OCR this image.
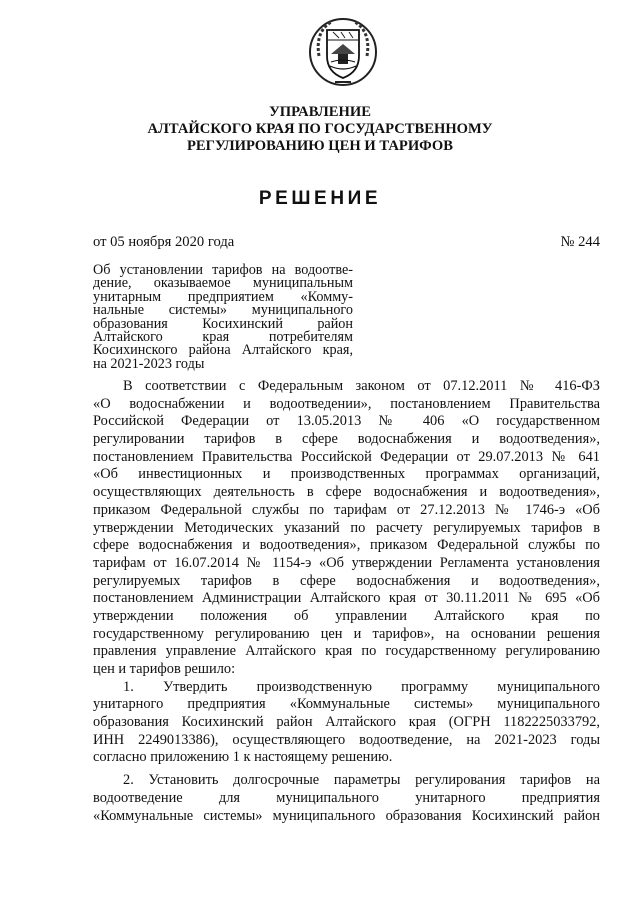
УПРАВЛЕНИЕ
АЛТАЙСКОГО КРАЯ ПО ГОСУДАРСТВЕННОМУ
РЕГУЛИРОВАНИЮ ЦЕН И ТАРИФОВ
РЕШЕНИЕ
от 05 ноября 2020 года	№ 244
Об установлении тарифов на водоотве-
дение, оказываемое муниципальным
унитарным предприятием «Комму-
нальные системы» муниципального
образования Косихинский район
Алтайского края потребителям
Косихинского района Алтайского края,
на 2021-2023 годы
В соответствии с Федеральным законом от 07.12.2011 № 416-ФЗ
«О водоснабжении и водоотведении», постановлением Правительства
Российской Федерации от 13.05.2013 № 406 «О государственном
регулировании тарифов в сфере водоснабжения и водоотведения»,
постановлением Правительства Российской Федерации от 29.07.2013 № 641
«Об инвестиционных и производственных программах организаций,
осуществляющих деятельность в сфере водоснабжения и водоотведения»,
приказом Федеральной службы по тарифам от 27.12.2013 № 1746-э «Об
утверждении Методических указаний по расчету регулируемых тарифов в
сфере водоснабжения и водоотведения», приказом Федеральной службы по
тарифам от 16.07.2014 № 1154-э «Об утверждении Регламента установления
регулируемых тарифов в сфере водоснабжения и водоотведения»,
постановлением Администрации Алтайского края от 30.11.2011 № 695 «Об
утверждении положения об управлении Алтайского края по
государственному регулированию цен и тарифов», на основании решения
правления управление Алтайского края по государственному регулированию
цен и тарифов решило:
1. Утвердить производственную программу муниципального
унитарного предприятия «Коммунальные системы» муниципального
образования Косихинский район Алтайского края (ОГРН 1182225033792,
ИНН 2249013386), осуществляющего водоотведение, на 2021-2023 годы
согласно приложению 1 к настоящему решению.
2. Установить долгосрочные параметры регулирования тарифов на
водоотведение для муниципального унитарного предприятия
«Коммунальные системы» муниципального образования Косихинский район
